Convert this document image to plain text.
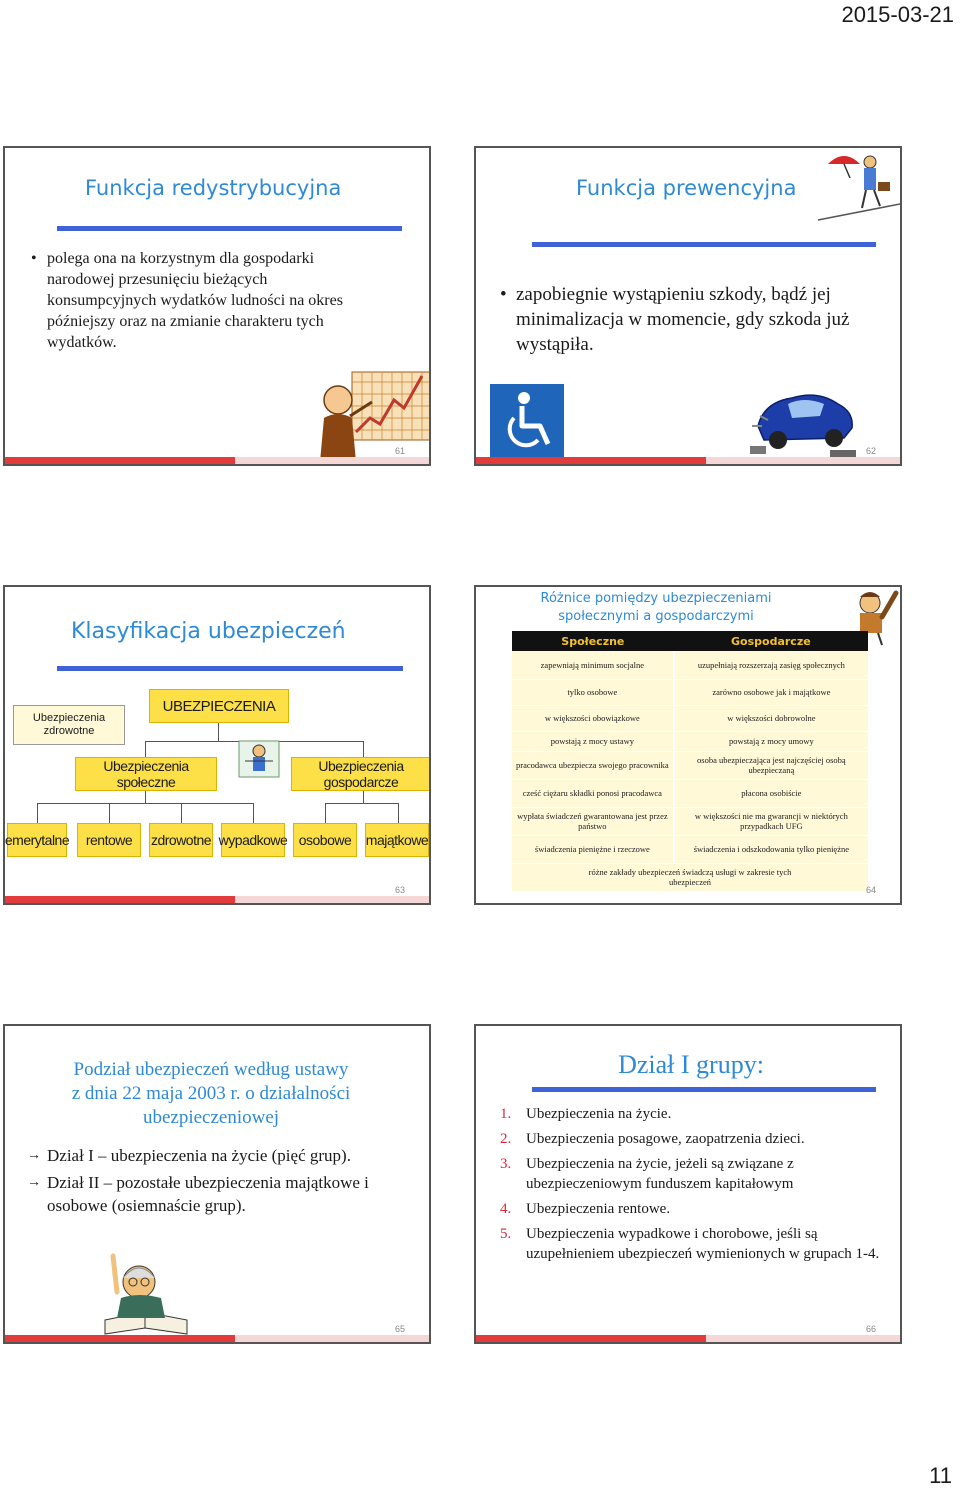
2015-03-21
Funkcja redystrybucyjna
• polega ona na korzystnym dla gospodarki narodowej przesunięciu bieżących konsumpcyjnych wydatków ludności na okres późniejszy oraz na zmianie charakteru tych wydatków.
61
Funkcja prewencyjna
• zapobiegnie wystąpieniu szkody, bądź jej minimalizacja w momencie, gdy szkoda już wystąpiła.
62
Klasyfikacja ubezpieczeń
Ubezpieczenia zdrowotne
UBEZPIECZENIA
Ubezpieczenia społeczne
Ubezpieczenia gospodarcze
emerytalne	rentowe	zdrowotne wypadkowe osobowe	majątkowe
63
Różnice pomiędzy ubezpieczeniami
społecznymi a gospodarczymi
Społeczne	Gospodarcze
zapewniają minimum socjalne	uzupełniają rozszerzają zasięg społecznych
tylko osobowe	zarówno osobowe jak i majątkowe
w większości obowiązkowe	w większości dobrowolne
powstają z mocy ustawy	powstają z mocy umowy
pracodawca ubezpiecza swojego pracownika	osoba ubezpieczająca jest najczęściej osobą ubezpieczaną
cześć ciężaru składki ponosi pracodawca	płacona osobiście
wypłata świadczeń gwarantowana jest przez państwo	w większości nie ma gwarancji w niektórych przypadkach UFG
świadczenia pieniężne i rzeczowe	świadczenia i odszkodowania tylko pieniężne
różne zakłady ubezpieczeń świadczą usługi w zakresie tych ubezpieczeń	
64
Podział ubezpieczeń według ustawy
z dnia 22 maja 2003 r. o działalności
ubezpieczeniowej
→ Dział I – ubezpieczenia na życie (pięć grup).
→ Dział II – pozostałe ubezpieczenia majątkowe i osobowe (osiemnaście grup).
65
Dział I grupy:
1. Ubezpieczenia na życie.
2. Ubezpieczenia posagowe, zaopatrzenia dzieci.
3. Ubezpieczenia na życie, jeżeli są związane z ubezpieczeniowym funduszem kapitałowym
4. Ubezpieczenia rentowe.
5. Ubezpieczenia wypadkowe i chorobowe, jeśli są uzupełnieniem ubezpieczeń wymienionych w grupach 1-4.
66
11
